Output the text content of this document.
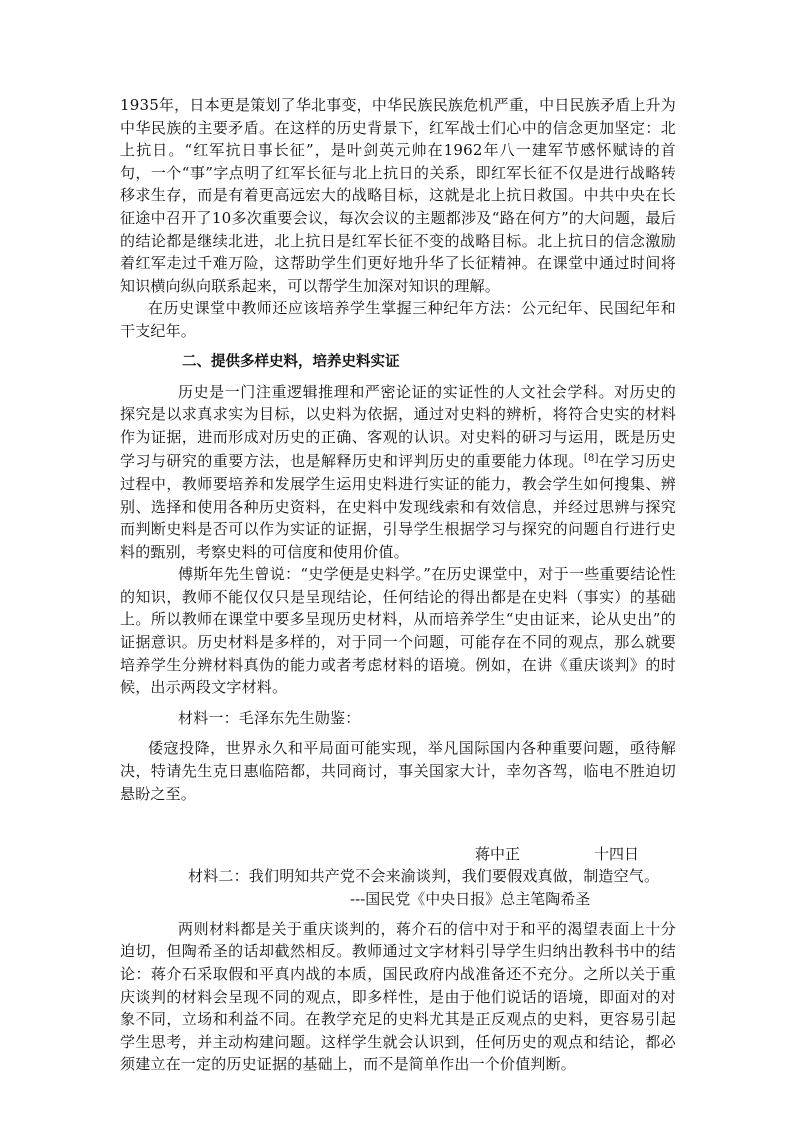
1935年，日本更是策划了华北事变，中华民族民族危机严重，中日民族矛盾上升为中华民族的主要矛盾。在这样的历史背景下，红军战士们心中的信念更加坚定：北上抗日。“红军抗日事长征”，是叶剑英元帅在1962年八一建军节感怀赋诗的首句，一个“事”字点明了红军长征与北上抗日的关系，即红军长征不仅是进行战略转移求生存，而是有着更高远宏大的战略目标，这就是北上抗日救国。中共中央在长征途中召开了10多次重要会议，每次会议的主题都涉及“路在何方”的大问题，最后的结论都是继续北进，北上抗日是红军长征不变的战略目标。北上抗日的信念激励着红军走过千难万险，这帮助学生们更好地升华了长征精神。在课堂中通过时间将知识横向纵向联系起来，可以帮学生加深对知识的理解。

在历史课堂中教师还应该培养学生掌握三种纪年方法：公元纪年、民国纪年和干支纪年。

二、提供多样史料，培养史料实证

历史是一门注重逻辑推理和严密论证的实证性的人文社会学科。对历史的探究是以求真求实为目标，以史料为依据，通过对史料的辨析，将符合史实的材料作为证据，进而形成对历史的正确、客观的认识。对史料的研习与运用，既是历史学习与研究的重要方法，也是解释历史和评判历史的重要能力体现。[8]在学习历史过程中，教师要培养和发展学生运用史料进行实证的能力，教会学生如何搜集、辨别、选择和使用各种历史资料，在史料中发现线索和有效信息，并经过思辨与探究而判断史料是否可以作为实证的证据，引导学生根据学习与探究的问题自行进行史料的甄别，考察史料的可信度和使用价值。

傅斯年先生曾说：“史学便是史料学。”在历史课堂中，对于一些重要结论性的知识，教师不能仅仅只是呈现结论，任何结论的得出都是在史料（事实）的基础上。所以教师在课堂中要多呈现历史材料，从而培养学生“史由证来，论从史出”的证据意识。历史材料是多样的，对于同一个问题，可能存在不同的观点，那么就要培养学生分辨材料真伪的能力或者考虑材料的语境。例如，在讲《重庆谈判》的时候，出示两段文字材料。

材料一：毛泽东先生勋鉴：

倭寇投降，世界永久和平局面可能实现，举凡国际国内各种重要问题，亟待解决，特请先生克日惠临陪都，共同商讨，事关国家大计，幸勿吝驾，临电不胜迫切悬盼之至。

蒋中正	十四日

材料二：我们明知共产党不会来渝谈判，我们要假戏真做，制造空气。

---国民党《中央日报》总主笔陶希圣

两则材料都是关于重庆谈判的，蒋介石的信中对于和平的渴望表面上十分迫切，但陶希圣的话却截然相反。教师通过文字材料引导学生归纳出教科书中的结论：蒋介石采取假和平真内战的本质，国民政府内战准备还不充分。之所以关于重庆谈判的材料会呈现不同的观点，即多样性，是由于他们说话的语境，即面对的对象不同，立场和利益不同。在教学充足的史料尤其是正反观点的史料，更容易引起学生思考，并主动构建问题。这样学生就会认识到，任何历史的观点和结论，都必须建立在一定的历史证据的基础上，而不是简单作出一个价值判断。
